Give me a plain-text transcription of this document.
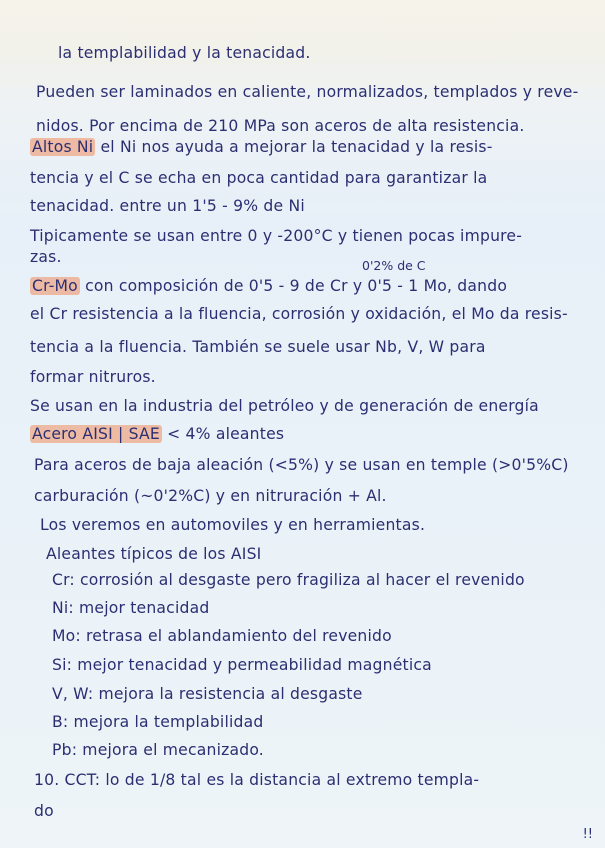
la templabilidad y la tenacidad.
Pueden ser laminados en caliente, normalizados, templados y reve-
nidos. Por encima de 210 MPa son aceros de alta resistencia.
Altos Ni el Ni nos ayuda a mejorar la tenacidad y la resis-
tencia y el C se echa en poca cantidad para garantizar la
tenacidad. entre un 1'5 - 9% de Ni
Tipicamente se usan entre 0 y -200°C y tienen pocas impure-
zas.	0'2% de C
Cr-Mo con composición de 0'5 - 9 de Cr y 0'5 - 1 Mo, dando
el Cr resistencia a la fluencia, corrosión y oxidación, el Mo da resis-
tencia a la fluencia. También se suele usar Nb, V, W para
formar nitruros.
Se usan en la industria del petróleo y de generación de energía
Acero AISI | SAE < 4% aleantes
Para aceros de baja aleación (<5%) y se usan en temple (>0'5%C)
carburación (~0'2%C) y en nitruración + Al.
Los veremos en automoviles y en herramientas.
Aleantes típicos de los AISI
Cr: corrosión al desgaste pero fragiliza al hacer el revenido
Ni: mejor tenacidad
Mo: retrasa el ablandamiento del revenido
Si: mejor tenacidad y permeabilidad magnética
V, W: mejora la resistencia al desgaste
B: mejora la templabilidad
Pb: mejora el mecanizado.
10. CCT: lo de 1/8 tal es la distancia al extremo templa-
do
!!
